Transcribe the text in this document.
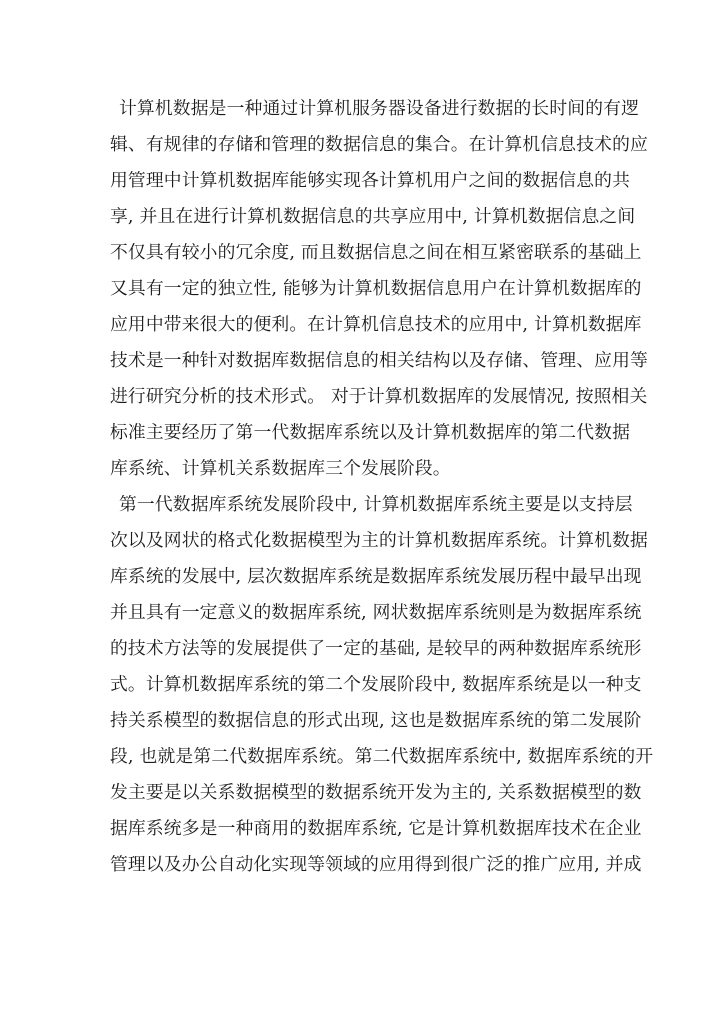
计算机数据是一种通过计算机服务器设备进行数据的长时间的有逻
辑、有规律的存储和管理的数据信息的集合。在计算机信息技术的应
用管理中计算机数据库能够实现各计算机用户之间的数据信息的共
享, 并且在进行计算机数据信息的共享应用中, 计算机数据信息之间
不仅具有较小的冗余度, 而且数据信息之间在相互紧密联系的基础上
又具有一定的独立性, 能够为计算机数据信息用户在计算机数据库的
应用中带来很大的便利。在计算机信息技术的应用中, 计算机数据库
技术是一种针对数据库数据信息的相关结构以及存储、管理、应用等
进行研究分析的技术形式。 对于计算机数据库的发展情况, 按照相关
标准主要经历了第一代数据库系统以及计算机数据库的第二代数据
库系统、计算机关系数据库三个发展阶段。
第一代数据库系统发展阶段中, 计算机数据库系统主要是以支持层
次以及网状的格式化数据模型为主的计算机数据库系统。计算机数据
库系统的发展中, 层次数据库系统是数据库系统发展历程中最早出现
并且具有一定意义的数据库系统, 网状数据库系统则是为数据库系统
的技术方法等的发展提供了一定的基础, 是较早的两种数据库系统形
式。计算机数据库系统的第二个发展阶段中, 数据库系统是以一种支
持关系模型的数据信息的形式出现, 这也是数据库系统的第二发展阶
段, 也就是第二代数据库系统。第二代数据库系统中, 数据库系统的开
发主要是以关系数据模型的数据系统开发为主的, 关系数据模型的数
据库系统多是一种商用的数据库系统, 它是计算机数据库技术在企业
管理以及办公自动化实现等领域的应用得到很广泛的推广应用, 并成
